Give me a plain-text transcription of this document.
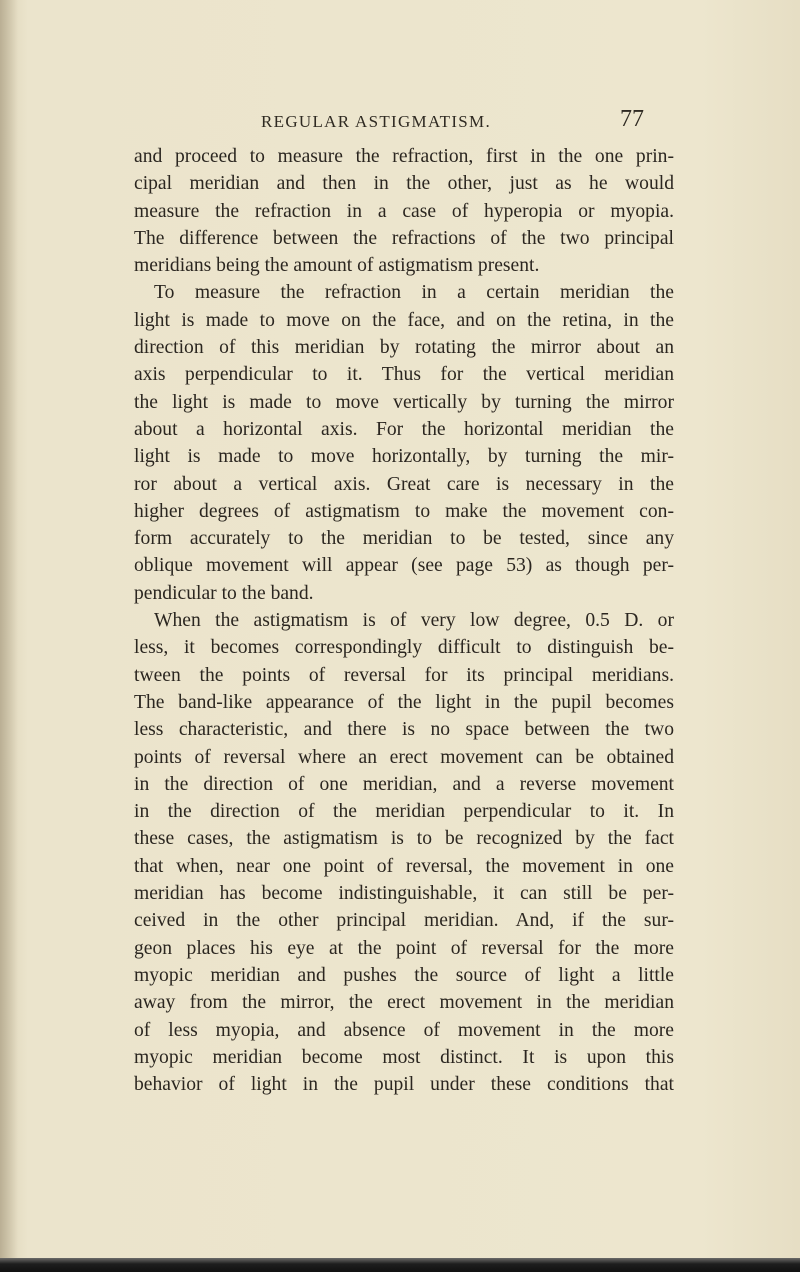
REGULAR ASTIGMATISM.	77
and proceed to measure the refraction, first in the one prin-
cipal meridian and then in the other, just as he would
measure the refraction in a case of hyperopia or myopia.
The difference between the refractions of the two principal
meridians being the amount of astigmatism present.
To measure the refraction in a certain meridian the
light is made to move on the face, and on the retina, in the
direction of this meridian by rotating the mirror about an
axis perpendicular to it. Thus for the vertical meridian
the light is made to move vertically by turning the mirror
about a horizontal axis. For the horizontal meridian the
light is made to move horizontally, by turning the mir-
ror about a vertical axis. Great care is necessary in the
higher degrees of astigmatism to make the movement con-
form accurately to the meridian to be tested, since any
oblique movement will appear (see page 53) as though per-
pendicular to the band.
When the astigmatism is of very low degree, 0.5 D. or
less, it becomes correspondingly difficult to distinguish be-
tween the points of reversal for its principal meridians.
The band-like appearance of the light in the pupil becomes
less characteristic, and there is no space between the two
points of reversal where an erect movement can be obtained
in the direction of one meridian, and a reverse movement
in the direction of the meridian perpendicular to it. In
these cases, the astigmatism is to be recognized by the fact
that when, near one point of reversal, the movement in one
meridian has become indistinguishable, it can still be per-
ceived in the other principal meridian. And, if the sur-
geon places his eye at the point of reversal for the more
myopic meridian and pushes the source of light a little
away from the mirror, the erect movement in the meridian
of less myopia, and absence of movement in the more
myopic meridian become most distinct. It is upon this
behavior of light in the pupil under these conditions that
